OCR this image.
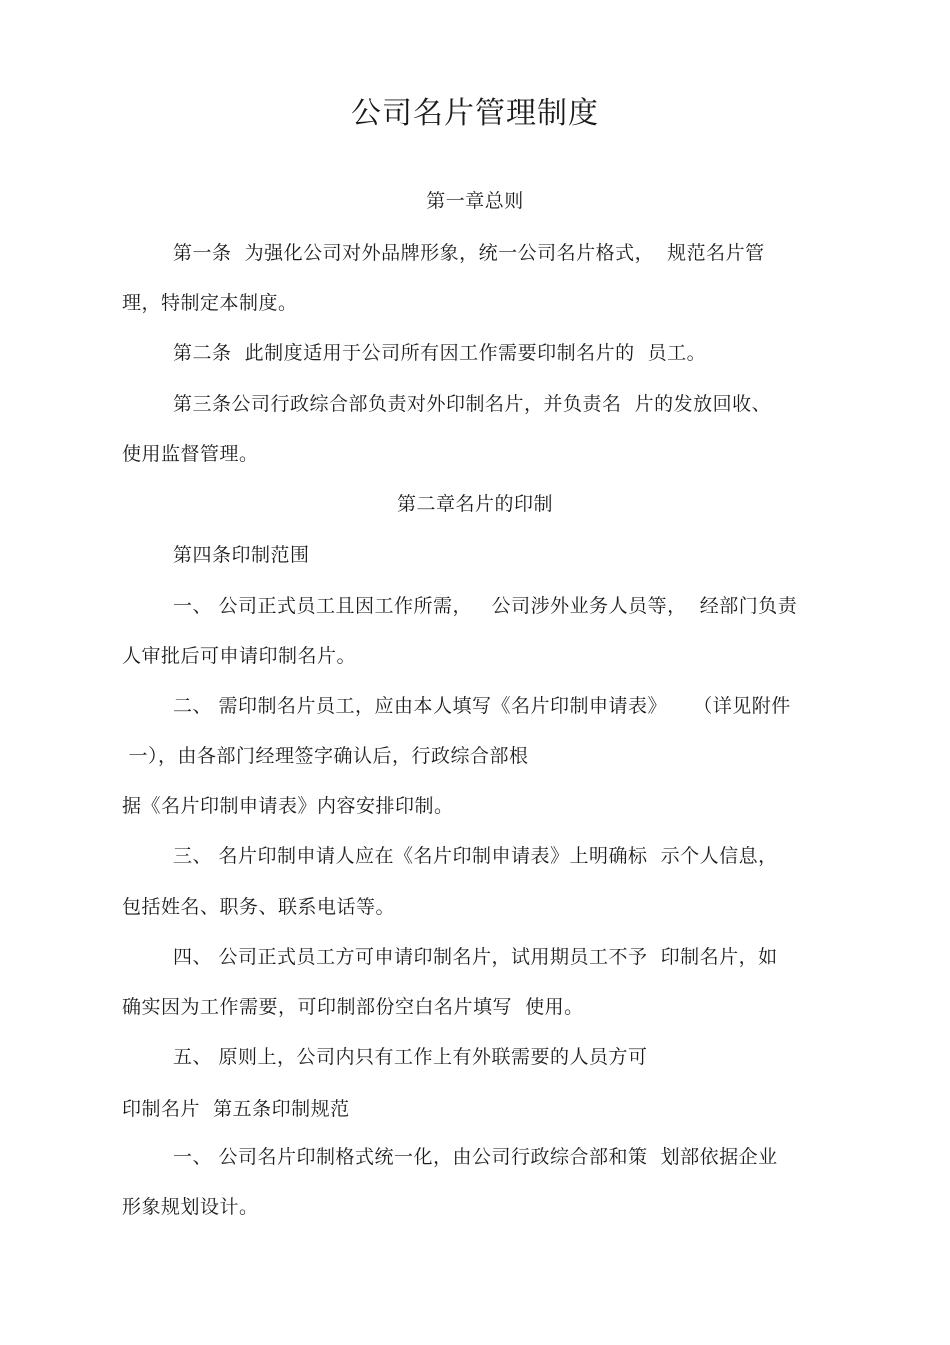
公司名片管理制度
第一章总则
第一条  为强化公司对外品牌形象，统一公司名片格式，  规范名片管
理，特制定本制度。
第二条  此制度适用于公司所有因工作需要印制名片的  员工。
第三条公司行政综合部负责对外印制名片，并负责名  片的发放回收、
使用监督管理。
第二章名片的印制
第四条印制范围
一、 公司正式员工且因工作所需，   公司涉外业务人员等，  经部门负责
人审批后可申请印制名片。
二、 需印制名片员工，应由本人填写《名片印制申请表》    （详见附件
一），由各部门经理签字确认后，行政综合部根
据《名片印制申请表》内容安排印制。
三、 名片印制申请人应在《名片印制申请表》上明确标  示个人信息，
包括姓名、职务、联系电话等。
四、 公司正式员工方可申请印制名片，试用期员工不予  印制名片，如
确实因为工作需要，可印制部份空白名片填写  使用。
五、 原则上，公司内只有工作上有外联需要的人员方可
印制名片  第五条印制规范
一、 公司名片印制格式统一化，由公司行政综合部和策  划部依据企业
形象规划设计。
